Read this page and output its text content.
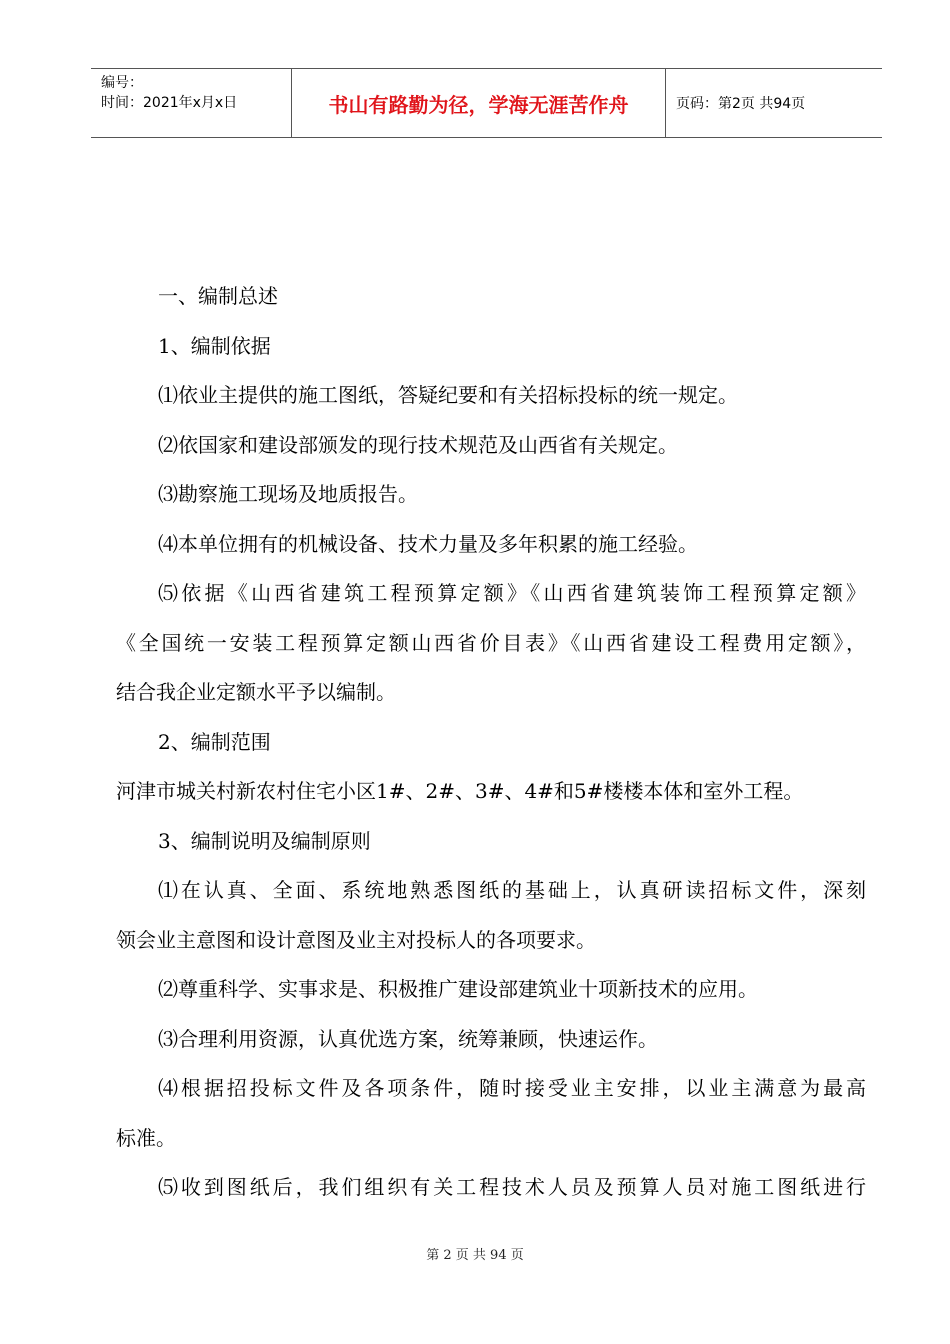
编号：
时间：2021年x月x日	书山有路勤为径，学海无涯苦作舟	页码：第2页 共94页

一、编制总述

1、编制依据

⑴依业主提供的施工图纸，答疑纪要和有关招标投标的统一规定。

⑵依国家和建设部颁发的现行技术规范及山西省有关规定。

⑶勘察施工现场及地质报告。

⑷本单位拥有的机械设备、技术力量及多年积累的施工经验。

⑸依据《山西省建筑工程预算定额》《山西省建筑装饰工程预算定额》

《全国统一安装工程预算定额山西省价目表》《山西省建设工程费用定额》，

结合我企业定额水平予以编制。

2、编制范围

河津市城关村新农村住宅小区1#、2#、3#、4#和5#楼楼本体和室外工程。

3、编制说明及编制原则

⑴在认真、全面、系统地熟悉图纸的基础上，认真研读招标文件，深刻

领会业主意图和设计意图及业主对投标人的各项要求。

⑵尊重科学、实事求是、积极推广建设部建筑业十项新技术的应用。

⑶合理利用资源，认真优选方案，统筹兼顾，快速运作。

⑷根据招投标文件及各项条件，随时接受业主安排，以业主满意为最高

标准。

⑸收到图纸后，我们组织有关工程技术人员及预算人员对施工图纸进行

第 2 页 共 94 页
